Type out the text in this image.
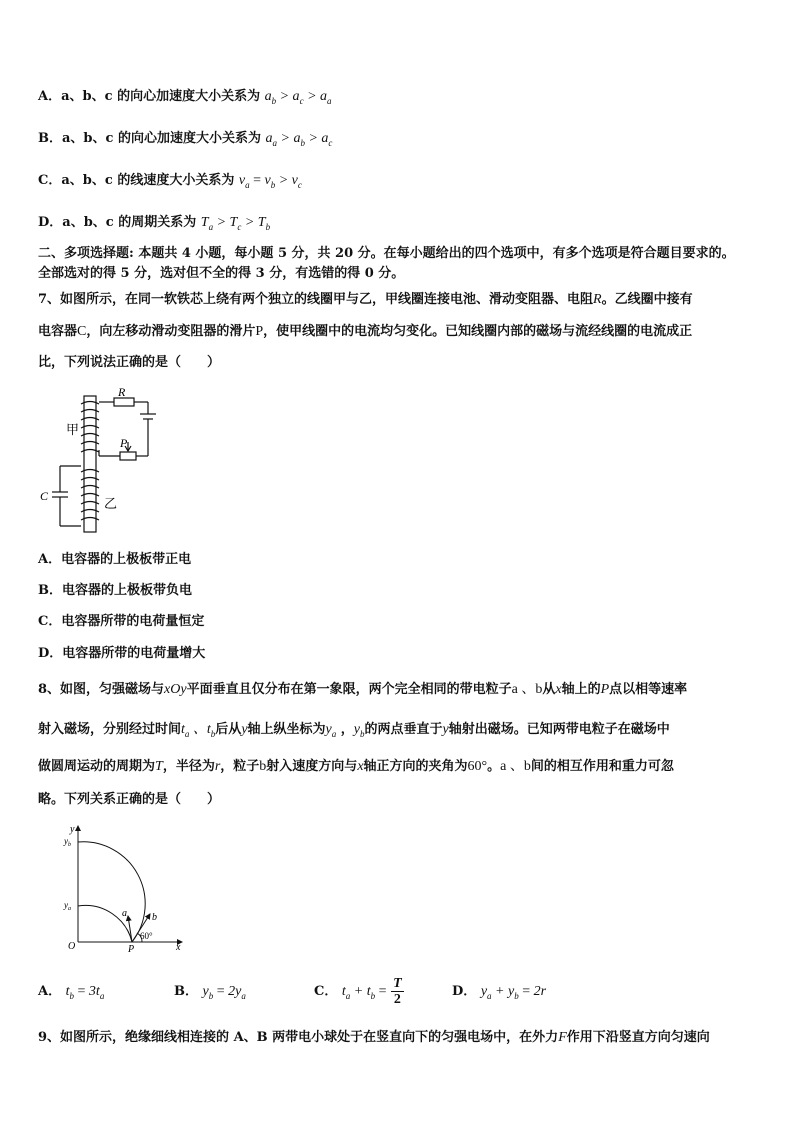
A．a、b、c 的向心加速度大小关系为 $a_b > a_c > a_a$
B．a、b、c 的向心加速度大小关系为 $a_a > a_b > a_c$
C．a、b、c 的线速度大小关系为 $v_a = v_b > v_c$
D．a、b、c 的周期关系为 $T_a > T_c > T_b$
二、多项选择题: 本题共 4 小题，每小题 5 分，共 20 分。在每小题给出的四个选项中，有多个选项是符合题目要求的。
全部选对的得 5 分，选对但不全的得 3 分，有选错的得 0 分。
7、如图所示，在同一软铁芯上绕有两个独立的线圈甲与乙，甲线圈连接电池、滑动变阻器、电阻R。乙线圈中接有
电容器C，向左移动滑动变阻器的滑片P，使甲线圈中的电流均匀变化。已知线圈内部的磁场与流经线圈的电流成正
比，下列说法正确的是（　　）
R
P
C
甲
乙
A．电容器的上极板带正电
B．电容器的上极板带负电
C．电容器所带的电荷量恒定
D．电容器所带的电荷量增大
8、如图，匀强磁场与xOy平面垂直且仅分布在第一象限，两个完全相同的带电粒子a 、b从x轴上的P点以相等速率
射入磁场，分别经过时间$t_a$ 、$t_b$后从y轴上纵坐标为$y_a$ ，$y_b$的两点垂直于y轴射出磁场。已知两带电粒子在磁场中
做圆周运动的周期为T，半径为r，粒子b射入速度方向与x轴正方向的夹角为60°。a 、b间的相互作用和重力可忽
略。下列关系正确的是（　　）
y
x
O	P
$y_b$
$y_a$	a	b
60°
A． $t_b = 3t_a$	B． $y_b = 2y_a$	C． $t_a + t_b = \frac{T}{2}$	D． $y_a + y_b = 2r$
9、如图所示，绝缘细线相连接的 A、B 两带电小球处于在竖直向下的匀强电场中，在外力F作用下沿竖直方向匀速向
